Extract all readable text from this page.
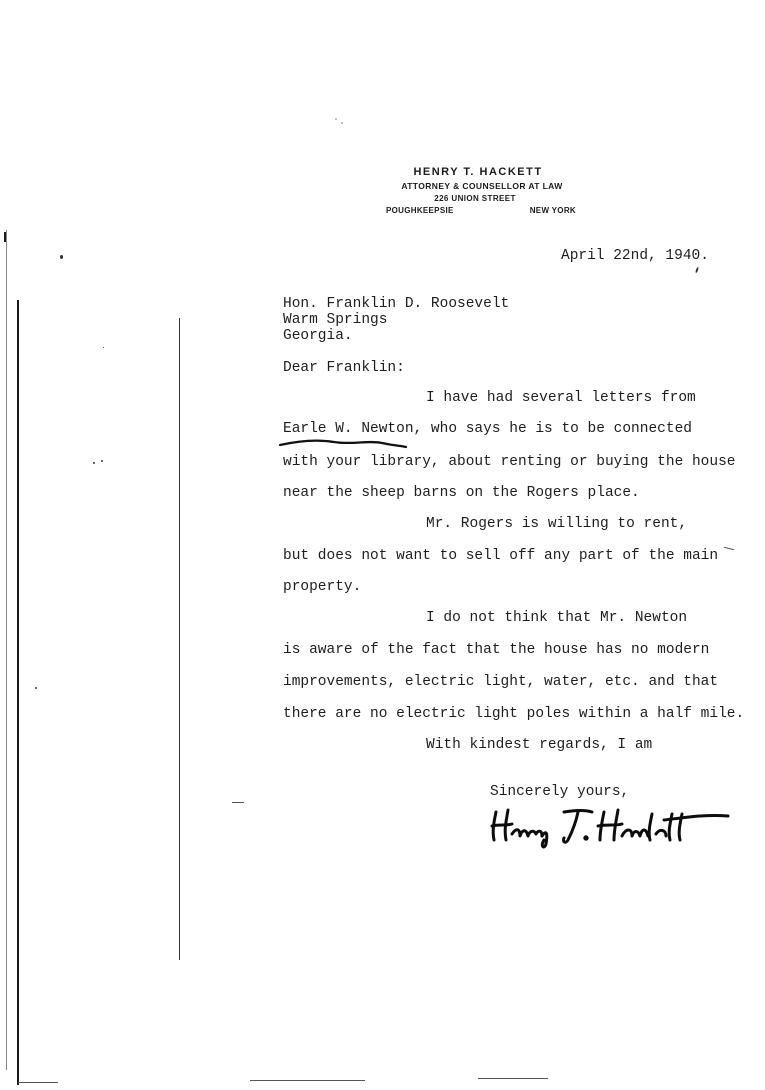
HENRY T. HACKETT
ATTORNEY & COUNSELLOR AT LAW
226 UNION STREET
POUGHKEEPSIE	NEW YORK
April 22nd, 1940.
Hon. Franklin D. Roosevelt
Warm Springs
Georgia.
Dear Franklin:
I have had several letters from
Earle W. Newton, who says he is to be connected
with your library, about renting or buying the house
near the sheep barns on the Rogers place.
Mr. Rogers is willing to rent,
but does not want to sell off any part of the main
property.
I do not think that Mr. Newton
is aware of the fact that the house has no modern
improvements, electric light, water, etc. and that
there are no electric light poles within a half mile.
With kindest regards, I am
Sincerely yours,
